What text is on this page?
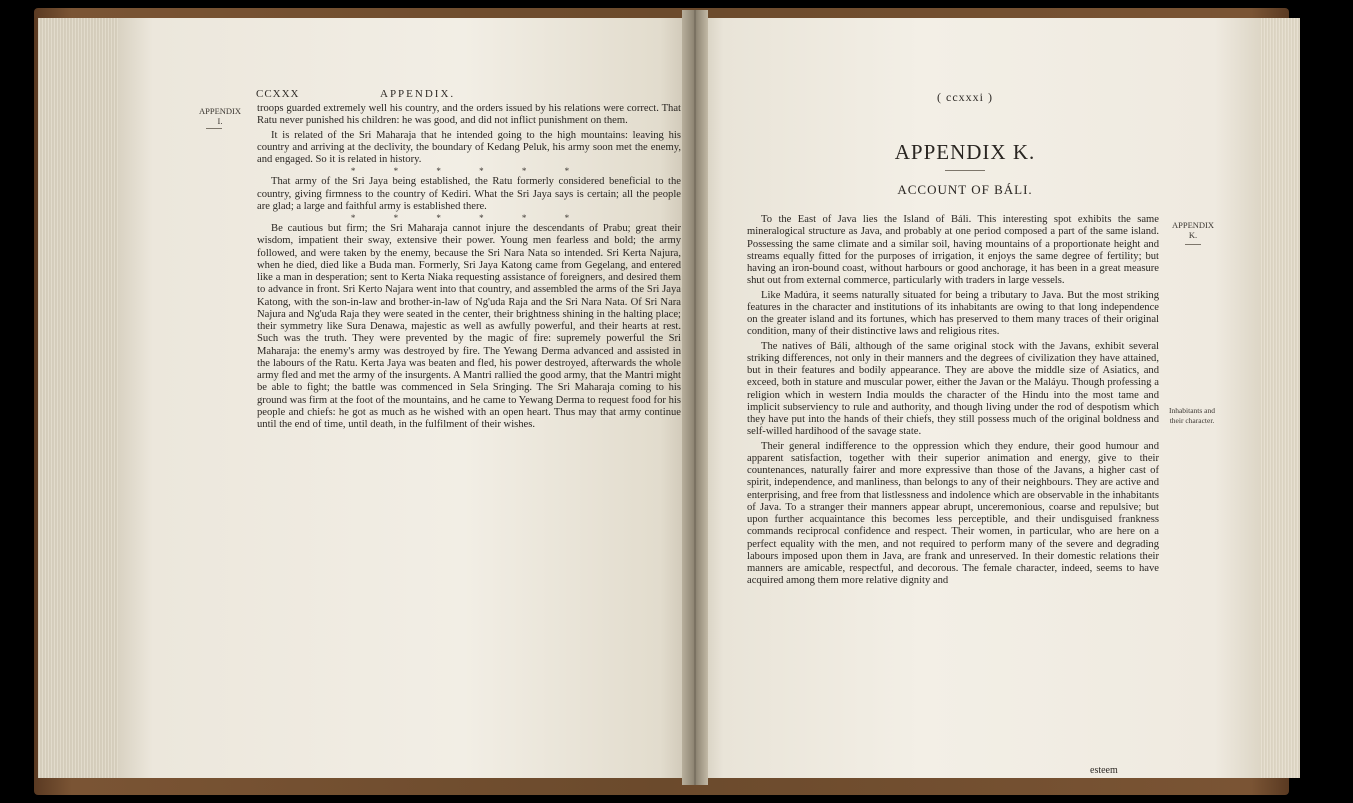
CCXXX	APPENDIX.
APPENDIX I.

troops guarded extremely well his country, and the orders issued by his relations were correct. That Ratu never punished his children: he was good, and did not inflict punishment on them.

It is related of the Sri Maharaja that he intended going to the high mountains: leaving his country and arriving at the declivity, the boundary of Kedang Peluk, his army soon met the enemy, and engaged. So it is related in history.

* * * * * *

That army of the Sri Jaya being established, the Ratu formerly considered beneficial to the country, giving firmness to the country of Kediri. What the Sri Jaya says is certain; all the people are glad; a large and faithful army is established there.

* * * * * *

Be cautious but firm; the Sri Maharaja cannot injure the descendants of Prabu; great their wisdom, impatient their sway, extensive their power. Young men fearless and bold; the army followed, and were taken by the enemy, because the Sri Nara Nata so intended. Sri Kerta Najura, when he died, died like a Buda man. Formerly, Sri Jaya Katong came from Gegelang, and entered like a man in desperation; sent to Kerta Niaka requesting assistance of foreigners, and desired them to advance in front. Sri Kerto Najara went into that country, and assembled the arms of the Sri Jaya Katong, with the son-in-law and brother-in-law of Ng'uda Raja and the Sri Nara Nata. Of Sri Nara Najura and Ng'uda Raja they were seated in the center, their brightness shining in the halting place; their symmetry like Sura Denawa, majestic as well as awfully powerful, and their hearts at rest. Such was the truth. They were prevented by the magic of fire: supremely powerful the Sri Maharaja: the enemy's army was destroyed by fire. The Yewang Derma advanced and assisted in the labours of the Ratu. Kerta Jaya was beaten and fled, his power destroyed, afterwards the whole army fled and met the army of the insurgents. A Mantri rallied the good army, that the Mantri might be able to fight; the battle was commenced in Sela Sringing. The Sri Maharaja coming to his ground was firm at the foot of the mountains, and he came to Yewang Derma to request food for his people and chiefs: he got as much as he wished with an open heart. Thus may that army continue until the end of time, until death, in the fulfilment of their wishes.

( ccxxxi )
APPENDIX K.
ACCOUNT OF BÁLI.
APPENDIX K.
Inhabitants and their character.

To the East of Java lies the Island of Báli. This interesting spot exhibits the same mineralogical structure as Java, and probably at one period composed a part of the same island. Possessing the same climate and a similar soil, having mountains of a proportionate height and streams equally fitted for the purposes of irrigation, it enjoys the same degree of fertility; but having an iron-bound coast, without harbours or good anchorage, it has been in a great measure shut out from external commerce, particularly with traders in large vessels.

Like Madúra, it seems naturally situated for being a tributary to Java. But the most striking features in the character and institutions of its inhabitants are owing to that long independence on the greater island and its fortunes, which has preserved to them many traces of their original condition, many of their distinctive laws and religious rites.

The natives of Báli, although of the same original stock with the Javans, exhibit several striking differences, not only in their manners and the degrees of civilization they have attained, but in their features and bodily appearance. They are above the middle size of Asiatics, and exceed, both in stature and muscular power, either the Javan or the Maláyu. Though professing a religion which in western India moulds the character of the Hindu into the most tame and implicit subserviency to rule and authority, and though living under the rod of despotism which they have put into the hands of their chiefs, they still possess much of the original boldness and self-willed hardihood of the savage state.

Their general indifference to the oppression which they endure, their good humour and apparent satisfaction, together with their superior animation and energy, give to their countenances, naturally fairer and more expressive than those of the Javans, a higher cast of spirit, independence, and manliness, than belongs to any of their neighbours. They are active and enterprising, and free from that listlessness and indolence which are observable in the inhabitants of Java. To a stranger their manners appear abrupt, unceremonious, coarse and repulsive; but upon further acquaintance this becomes less perceptible, and their undisguised frankness commands reciprocal confidence and respect. Their women, in particular, who are here on a perfect equality with the men, and not required to perform many of the severe and degrading labours imposed upon them in Java, are frank and unreserved. In their domestic relations their manners are amicable, respectful, and decorous. The female character, indeed, seems to have acquired among them more relative dignity and

esteem
